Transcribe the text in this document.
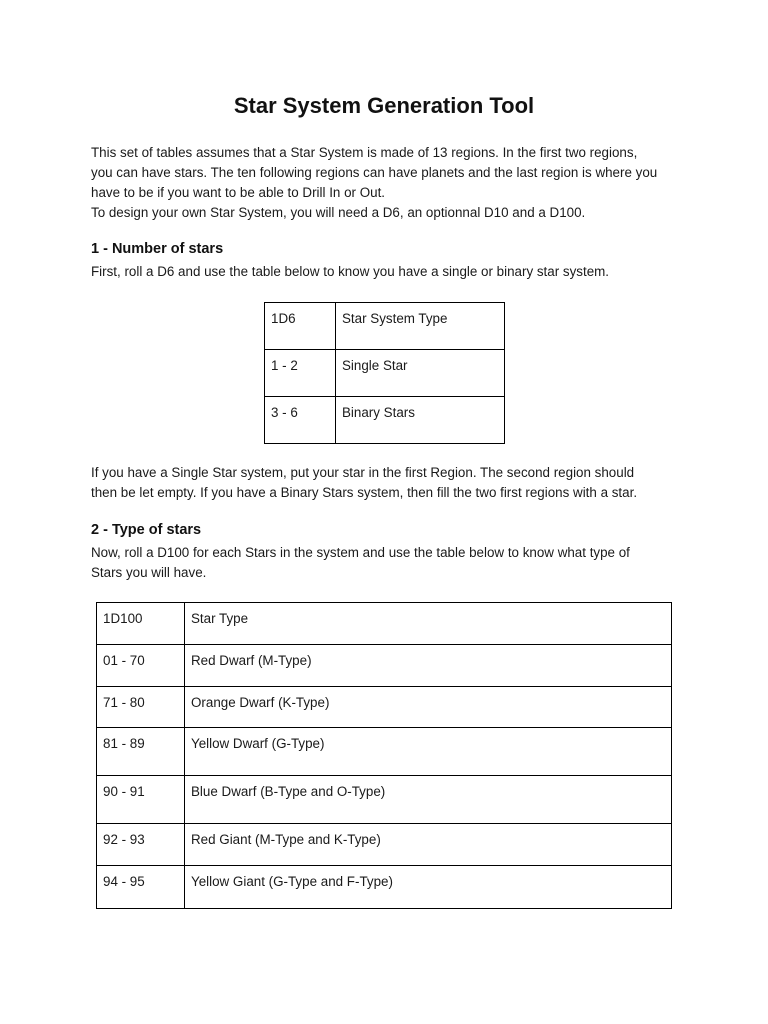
Star System Generation Tool

This set of tables assumes that a Star System is made of 13 regions. In the first two regions,
you can have stars. The ten following regions can have planets and the last region is where you
have to be if you want to be able to Drill In or Out.
To design your own Star System, you will need a D6, an optionnal D10 and a D100.

1 - Number of stars

First, roll a D6 and use the table below to know you have a single or binary star system.

1D6	Star System Type
1 - 2	Single Star
3 - 6	Binary Stars

If you have a Single Star system, put your star in the first Region. The second region should
then be let empty. If you have a Binary Stars system, then fill the two first regions with a star.

2 - Type of stars

Now, roll a D100 for each Stars in the system and use the table below to know what type of
Stars you will have.

1D100	Star Type
01 - 70	Red Dwarf (M-Type)
71 - 80	Orange Dwarf (K-Type)
81 - 89	Yellow Dwarf (G-Type)
90 - 91	Blue Dwarf (B-Type and O-Type)
92 - 93	Red Giant (M-Type and K-Type)
94 - 95	Yellow Giant (G-Type and F-Type)
